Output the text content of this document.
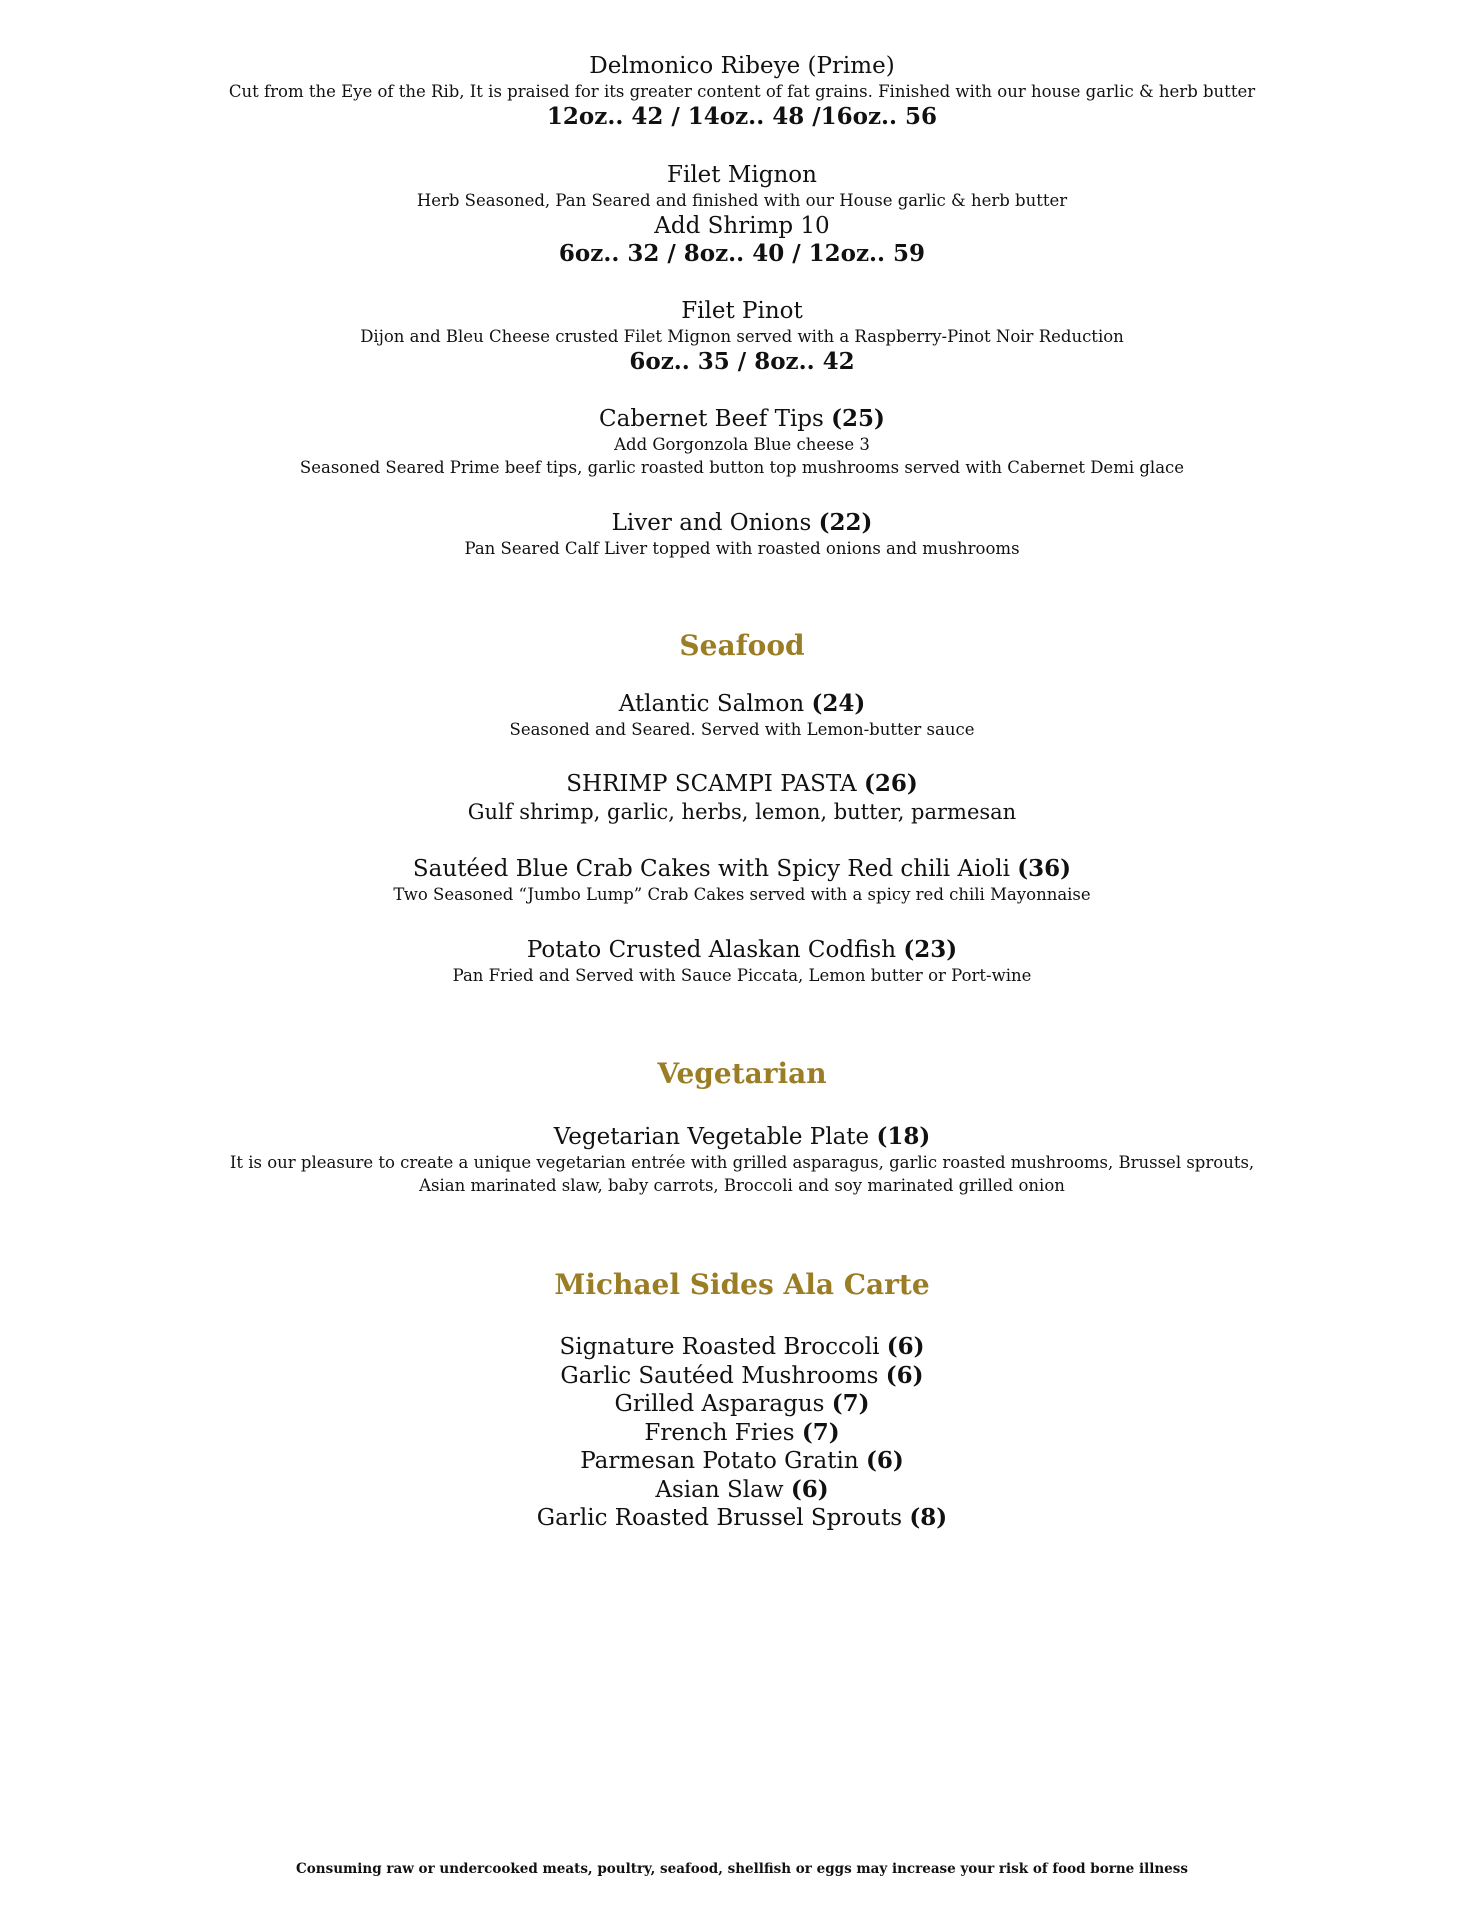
Delmonico Ribeye (Prime)
Cut from the Eye of the Rib, It is praised for its greater content of fat grains. Finished with our house garlic & herb butter
12oz.. 42 / 14oz.. 48 /16oz.. 56
Filet Mignon
Herb Seasoned, Pan Seared and finished with our House garlic & herb butter
Add Shrimp 10
6oz.. 32 / 8oz.. 40 / 12oz.. 59
Filet Pinot
Dijon and Bleu Cheese crusted Filet Mignon served with a Raspberry-Pinot Noir Reduction
6oz.. 35 / 8oz.. 42
Cabernet Beef Tips (25)
Add Gorgonzola Blue cheese 3
Seasoned Seared Prime beef tips, garlic roasted button top mushrooms served with Cabernet Demi glace
Liver and Onions (22)
Pan Seared Calf Liver topped with roasted onions and mushrooms
Seafood
Atlantic Salmon (24)
Seasoned and Seared. Served with Lemon-butter sauce
SHRIMP SCAMPI PASTA (26)
Gulf shrimp, garlic, herbs, lemon, butter, parmesan
Sautéed Blue Crab Cakes with Spicy Red chili Aioli (36)
Two Seasoned “Jumbo Lump” Crab Cakes served with a spicy red chili Mayonnaise
Potato Crusted Alaskan Codfish (23)
Pan Fried and Served with Sauce Piccata, Lemon butter or Port-wine
Vegetarian
Vegetarian Vegetable Plate (18)
It is our pleasure to create a unique vegetarian entrée with grilled asparagus, garlic roasted mushrooms, Brussel sprouts, Asian marinated slaw, baby carrots, Broccoli and soy marinated grilled onion
Michael Sides Ala Carte
Signature Roasted Broccoli (6)
Garlic Sautéed Mushrooms (6)
Grilled Asparagus (7)
French Fries (7)
Parmesan Potato Gratin (6)
Asian Slaw (6)
Garlic Roasted Brussel Sprouts (8)
Consuming raw or undercooked meats, poultry, seafood, shellfish or eggs may increase your risk of food borne illness
